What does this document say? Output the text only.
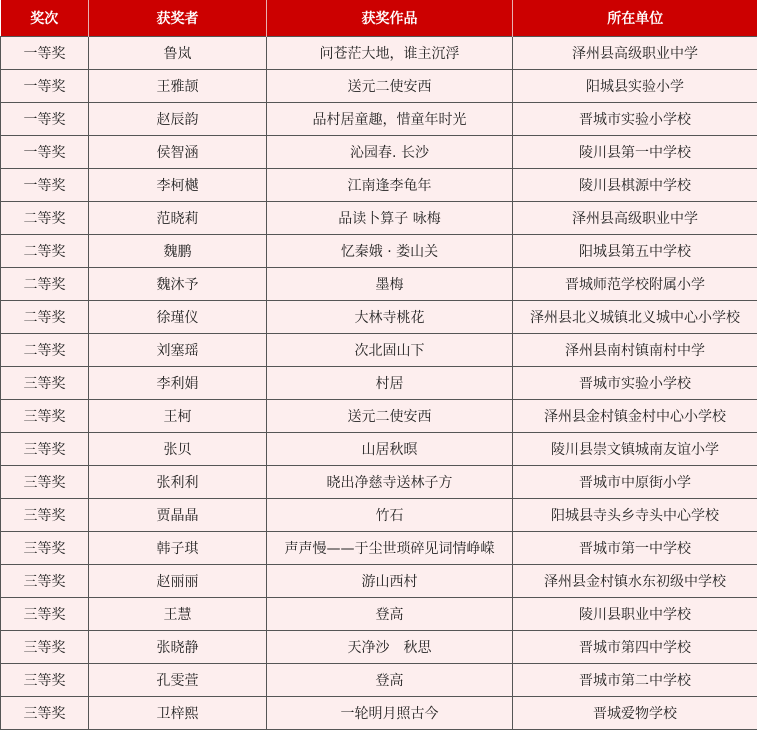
奖次	获奖者	获奖作品	所在单位
一等奖	鲁岚	问苍茫大地，谁主沉浮	泽州县高级职业中学
一等奖	王雅颉	送元二使安西	阳城县实验小学
一等奖	赵辰韵	品村居童趣，惜童年时光	晋城市实验小学校
一等奖	侯智涵	沁园春. 长沙	陵川县第一中学校
一等奖	李柯樾	江南逢李龟年	陵川县棋源中学校
二等奖	范晓莉	品读卜算子 咏梅	泽州县高级职业中学
二等奖	魏鹏	忆秦娥 · 娄山关	阳城县第五中学校
二等奖	魏沐予	墨梅	晋城师范学校附属小学
二等奖	徐瑾仪	大林寺桃花	泽州县北义城镇北义城中心小学校
二等奖	刘塞瑶	次北固山下	泽州县南村镇南村中学
三等奖	李利娟	村居	晋城市实验小学校
三等奖	王柯	送元二使安西	泽州县金村镇金村中心小学校
三等奖	张贝	山居秋暝	陵川县崇文镇城南友谊小学
三等奖	张利利	晓出净慈寺送林子方	晋城市中原街小学
三等奖	贾晶晶	竹石	阳城县寺头乡寺头中心学校
三等奖	韩子琪	声声慢——于尘世琐碎见词情峥嵘	晋城市第一中学校
三等奖	赵丽丽	游山西村	泽州县金村镇水东初级中学校
三等奖	王慧	登高	陵川县职业中学校
三等奖	张晓静	天净沙　秋思	晋城市第四中学校
三等奖	孔雯萱	登高	晋城市第二中学校
三等奖	卫梓熙	一轮明月照古今	晋城爱物学校
